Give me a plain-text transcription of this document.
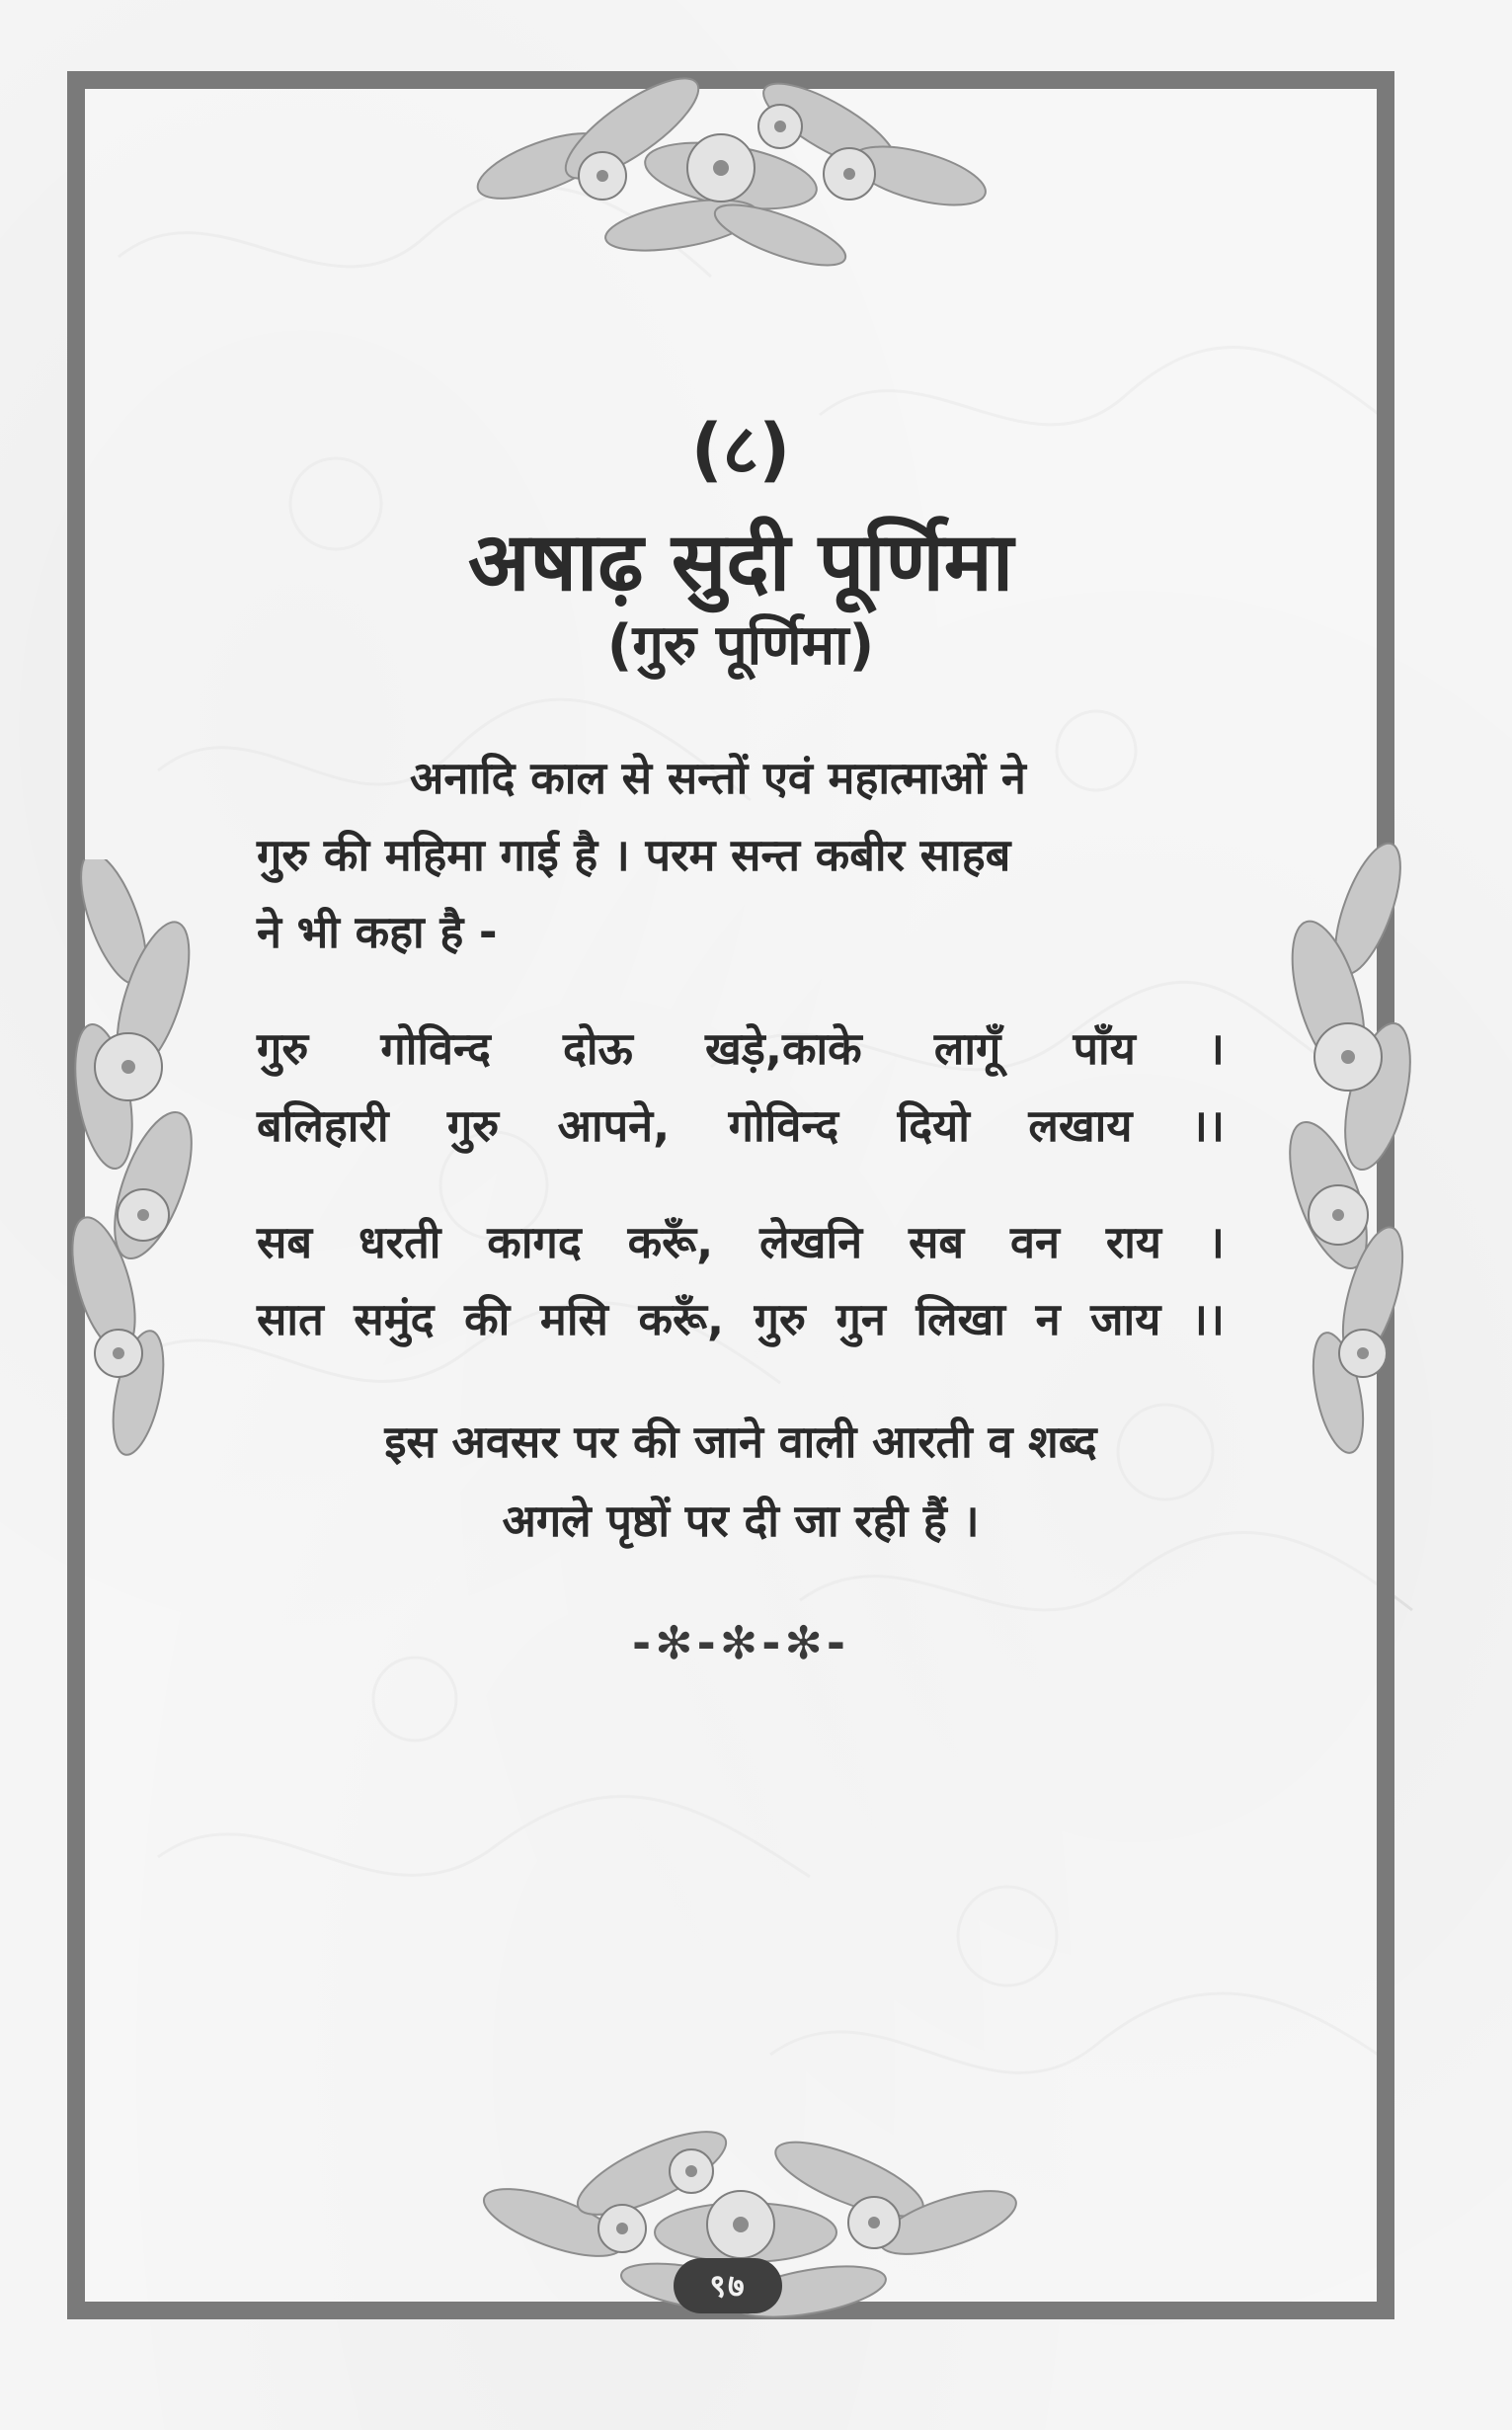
(८)
अषाढ़ सुदी पूर्णिमा
(गुरु पूर्णिमा)
अनादि काल से सन्तों एवं महात्माओं ने
गुरु की महिमा गाई है । परम सन्त कबीर साहब
ने भी कहा है -
गुरु गोविन्द दोऊ खड़े,काके लागूँ पाँय ।
बलिहारी गुरु आपने, गोविन्द दियो लखाय ।।
सब धरती कागद करूँ, लेखनि सब वन राय ।
सात समुंद की मसि करूँ, गुरु गुन लिखा न जाय ।।
इस अवसर पर की जाने वाली आरती व शब्द
अगले पृष्ठों पर दी जा रही हैं ।
-✻-✻-✻-
९७
